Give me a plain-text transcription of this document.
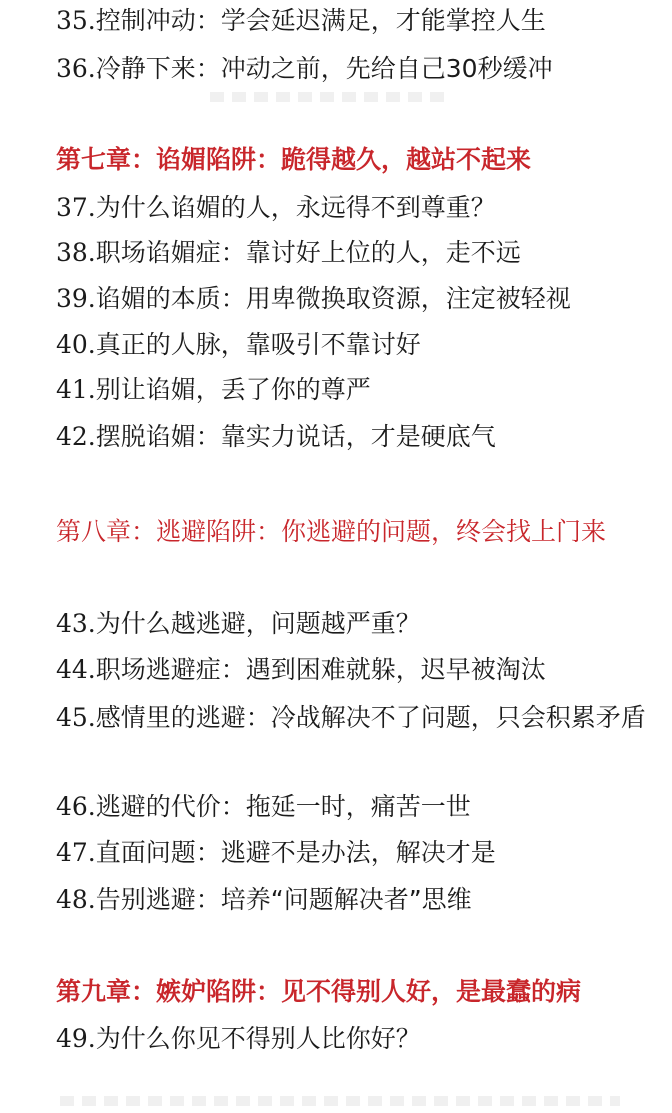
35.控制冲动：学会延迟满足，才能掌控人生
36.冷静下来：冲动之前，先给自己30秒缓冲
第七章：谄媚陷阱：跪得越久，越站不起来
37.为什么谄媚的人，永远得不到尊重？
38.职场谄媚症：靠讨好上位的人，走不远
39.谄媚的本质：用卑微换取资源，注定被轻视
40.真正的人脉，靠吸引不靠讨好
41.别让谄媚，丢了你的尊严
42.摆脱谄媚：靠实力说话，才是硬底气
第八章：逃避陷阱：你逃避的问题，终会找上门来
43.为什么越逃避，问题越严重？
44.职场逃避症：遇到困难就躲，迟早被淘汰
45.感情里的逃避：冷战解决不了问题，只会积累矛盾
46.逃避的代价：拖延一时，痛苦一世
47.直面问题：逃避不是办法，解决才是
48.告别逃避：培养“问题解决者”思维
第九章：嫉妒陷阱：见不得别人好，是最蠢的病
49.为什么你见不得别人比你好？
